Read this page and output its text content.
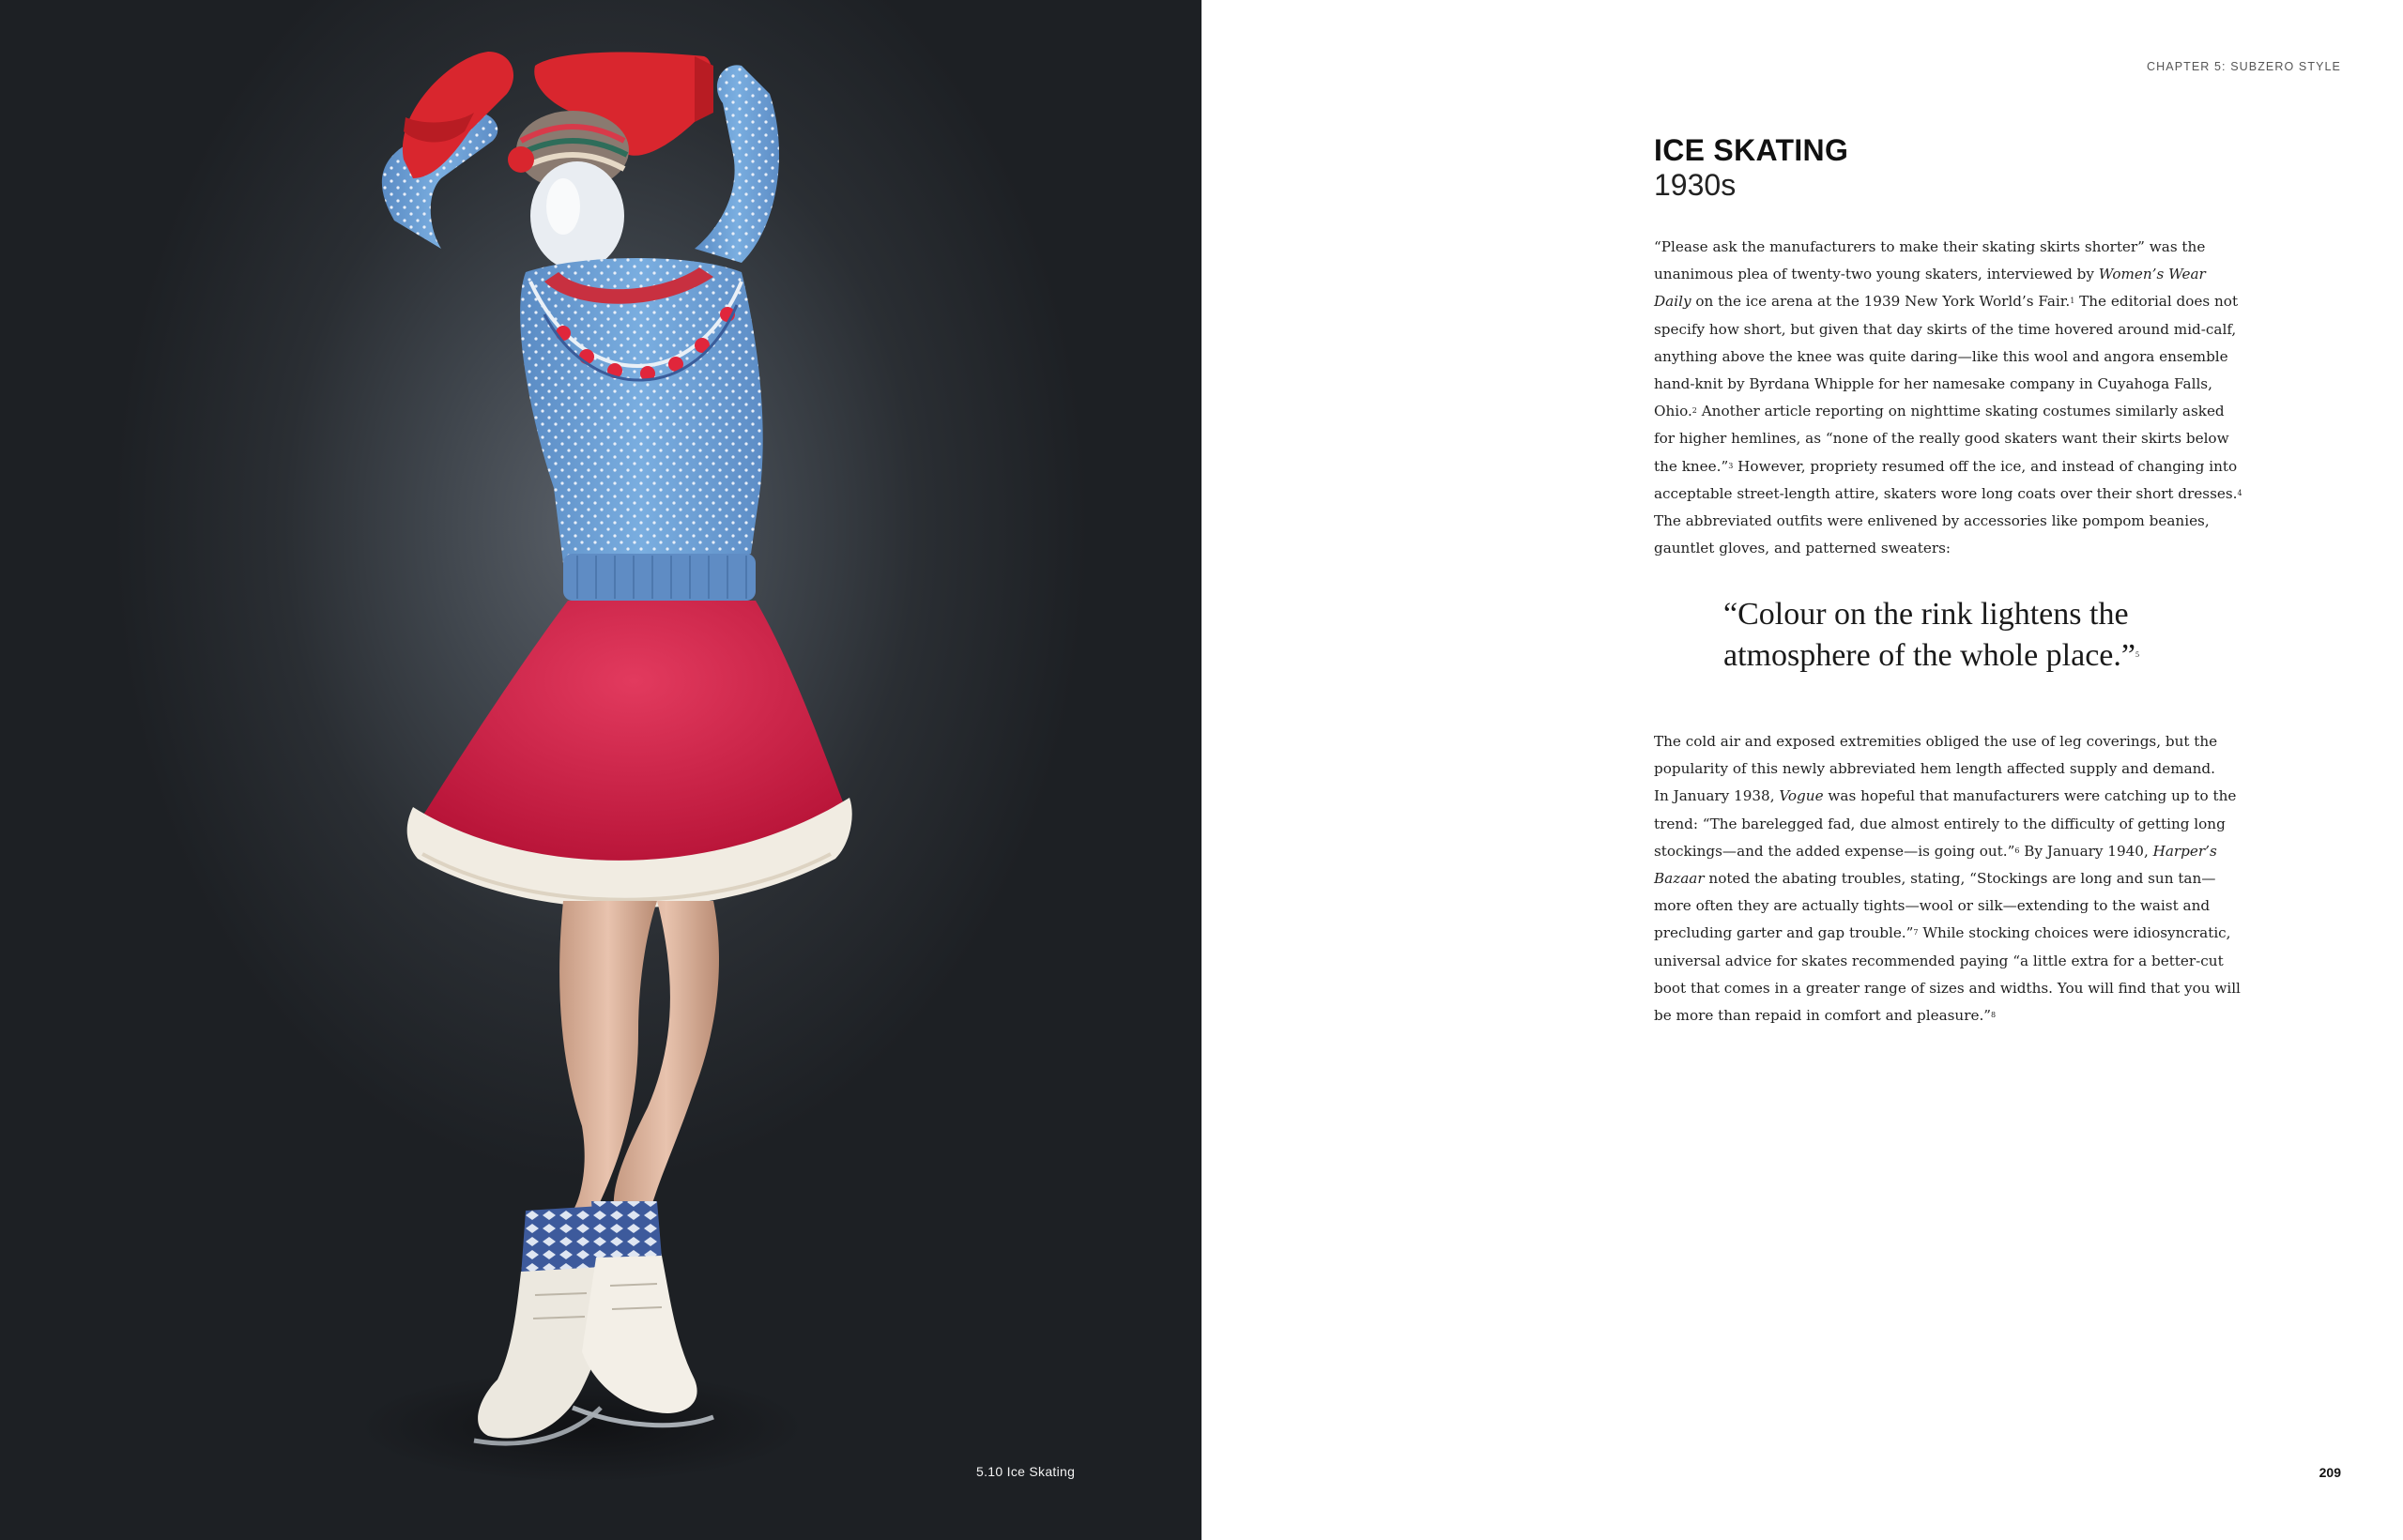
5.10 Ice Skating
CHAPTER 5: SUBZERO STYLE
ICE SKATING
1930s
“Please ask the manufacturers to make their skating skirts shorter” was the
unanimous plea of twenty-two young skaters, interviewed by Women’s Wear
Daily on the ice arena at the 1939 New York World’s Fair.$^1$ The editorial does not
specify how short, but given that day skirts of the time hovered around mid-calf,
anything above the knee was quite daring—like this wool and angora ensemble
hand-knit by Byrdana Whipple for her namesake company in Cuyahoga Falls,
Ohio.$^2$ Another article reporting on nighttime skating costumes similarly asked
for higher hemlines, as “none of the really good skaters want their skirts below
the knee.”$^3$ However, propriety resumed off the ice, and instead of changing into
acceptable street-length attire, skaters wore long coats over their short dresses.$^4$
The abbreviated outfits were enlivened by accessories like pompom beanies,
gauntlet gloves, and patterned sweaters:
“Colour on the rink lightens the
atmosphere of the whole place.”$^5$
The cold air and exposed extremities obliged the use of leg coverings, but the
popularity of this newly abbreviated hem length affected supply and demand.
In January 1938, Vogue was hopeful that manufacturers were catching up to the
trend: “The barelegged fad, due almost entirely to the difficulty of getting long
stockings—and the added expense—is going out.”$^6$ By January 1940, Harper’s
Bazaar noted the abating troubles, stating, “Stockings are long and sun tan—
more often they are actually tights—wool or silk—extending to the waist and
precluding garter and gap trouble.”$^7$ While stocking choices were idiosyncratic,
universal advice for skates recommended paying “a little extra for a better-cut
boot that comes in a greater range of sizes and widths. You will find that you will
be more than repaid in comfort and pleasure.”$^8$
209
